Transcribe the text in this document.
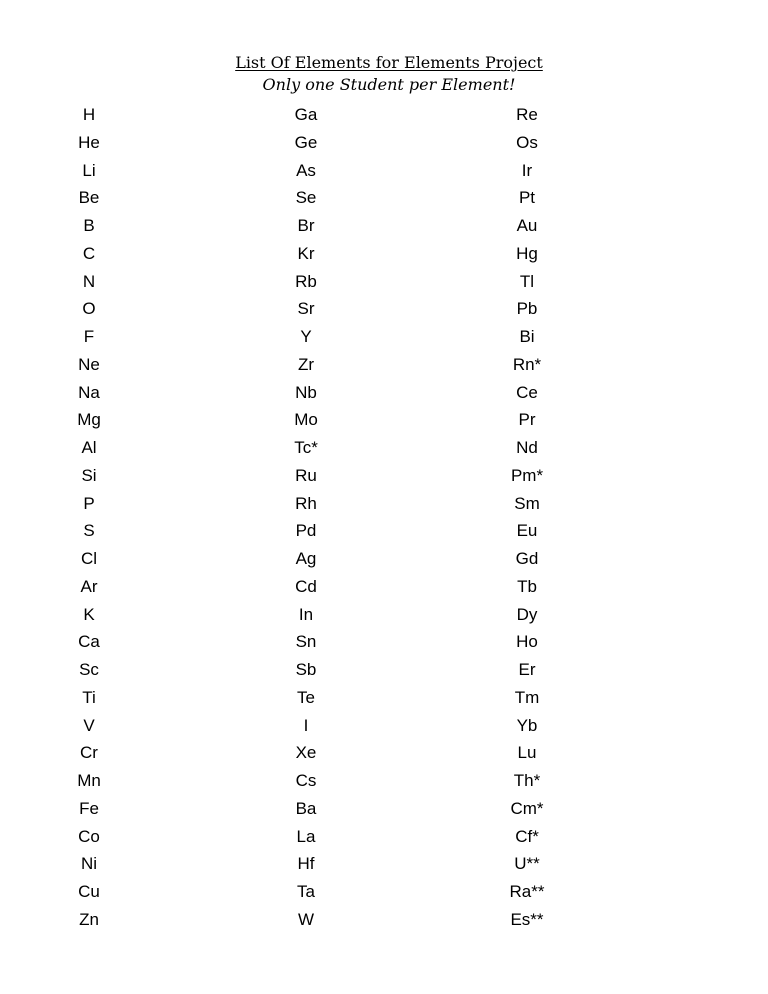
List Of Elements for Elements Project

Only one Student per Element!

H
He
Li
Be
B
C
N
O
F
Ne
Na
Mg
Al
Si
P
S
Cl
Ar
K
Ca
Sc
Ti
V
Cr
Mn
Fe
Co
Ni
Cu
Zn
Ga
Ge
As
Se
Br
Kr
Rb
Sr
Y
Zr
Nb
Mo
Tc*
Ru
Rh
Pd
Ag
Cd
In
Sn
Sb
Te
I
Xe
Cs
Ba
La
Hf
Ta
W
Re
Os
Ir
Pt
Au
Hg
Tl
Pb
Bi
Rn*
Ce
Pr
Nd
Pm*
Sm
Eu
Gd
Tb
Dy
Ho
Er
Tm
Yb
Lu
Th*
Cm*
Cf*
U**
Ra**
Es**
